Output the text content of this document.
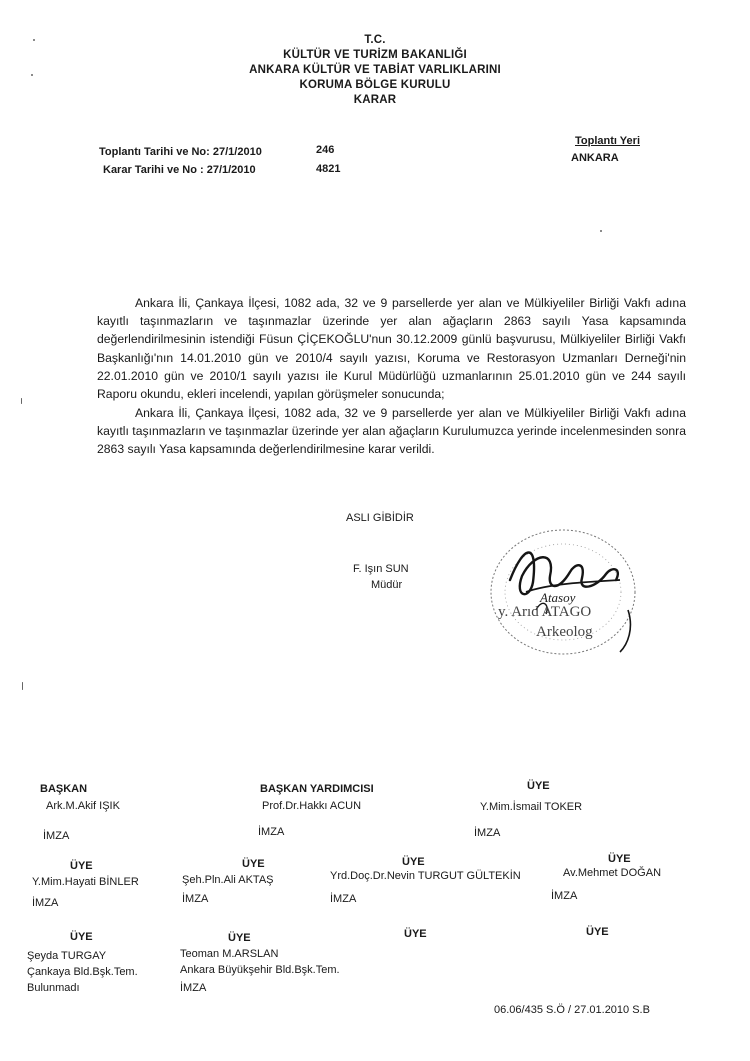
T.C.
KÜLTÜR VE TURİZM BAKANLIĞI
ANKARA KÜLTÜR VE TABİAT VARLIKLARINI
KORUMA BÖLGE KURULU
KARAR
Toplantı Tarihi ve No: 27/1/2010	246
Karar Tarihi ve No : 27/1/2010	4821
Toplantı Yeri
ANKARA

Ankara İli, Çankaya İlçesi, 1082 ada, 32 ve 9 parsellerde yer alan ve Mülkiyeliler Birliği Vakfı adına kayıtlı taşınmazların ve taşınmazlar üzerinde yer alan ağaçların 2863 sayılı Yasa kapsamında değerlendirilmesinin istendiği Füsun ÇİÇEKOĞLU'nun 30.12.2009 günlü başvurusu, Mülkiyeliler Birliği Vakfı Başkanlığı'nın 14.01.2010 gün ve 2010/4 sayılı yazısı, Koruma ve Restorasyon Uzmanları Derneği'nin 22.01.2010 gün ve 2010/1 sayılı yazısı ile Kurul Müdürlüğü uzmanlarının 25.01.2010 gün ve 244 sayılı Raporu okundu, ekleri incelendi, yapılan görüşmeler sonucunda;

Ankara İli, Çankaya İlçesi, 1082 ada, 32 ve 9 parsellerde yer alan ve Mülkiyeliler Birliği Vakfı adına kayıtlı taşınmazların ve taşınmazlar üzerinde yer alan ağaçların Kurulumuzca yerinde incelenmesinden sonra 2863 sayılı Yasa kapsamında değerlendirilmesine karar verildi.

ASLI GİBİDİR
F. Işın SUN
Müdür
y. Arıd ATAGO
Arkeolog
Atasoy
BAŞKAN
Ark.M.Akif IŞIK
İMZA
BAŞKAN YARDIMCISI
Prof.Dr.Hakkı ACUN
İMZA
ÜYE
Y.Mim.İsmail TOKER
İMZA
ÜYE
Y.Mim.Hayati BİNLER
İMZA
ÜYE
Şeh.Pln.Ali AKTAŞ
İMZA
ÜYE
Yrd.Doç.Dr.Nevin TURGUT GÜLTEKİN
İMZA
ÜYE
Av.Mehmet DOĞAN
İMZA
ÜYE
Şeyda TURGAY
Çankaya Bld.Bşk.Tem.
Bulunmadı
ÜYE
Teoman M.ARSLAN
Ankara Büyükşehir Bld.Bşk.Tem.
İMZA
ÜYE	ÜYE
06.06/435 S.Ö / 27.01.2010 S.B
